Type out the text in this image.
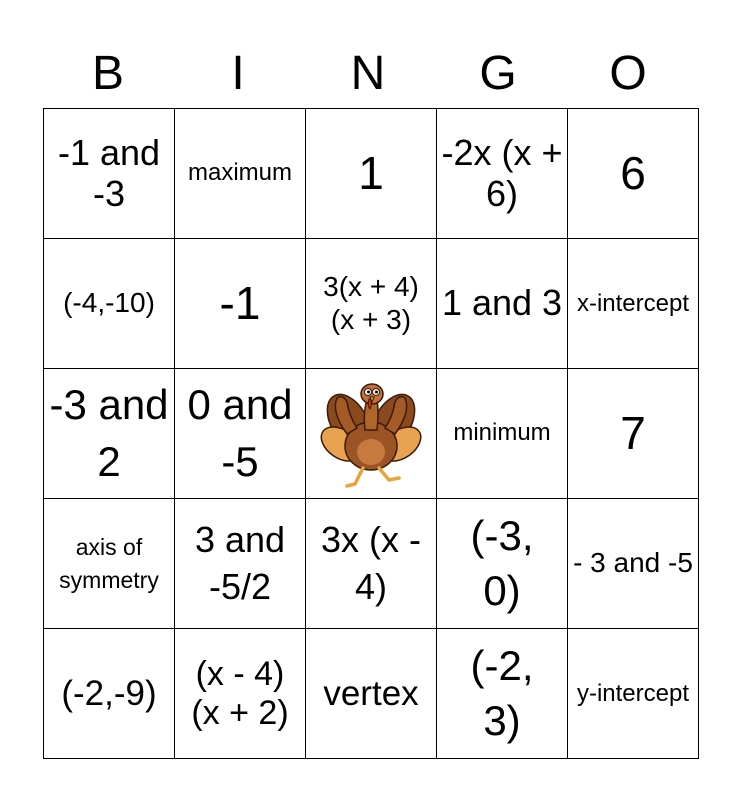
B	I	N	G	O
-1 and -3	maximum	1	-2x (x + 6)	6

(-4,-10)	-1	3(x + 4) (x + 3)	1 and 3	x-intercept

-3 and 2	0 and -5		minimum	7

axis of symmetry	3 and -5/2	3x (x - 4)	(-3, 0)	- 3 and -5

(-2,-9)	(x - 4) (x + 2)	vertex	(-2, 3)	y-intercept
